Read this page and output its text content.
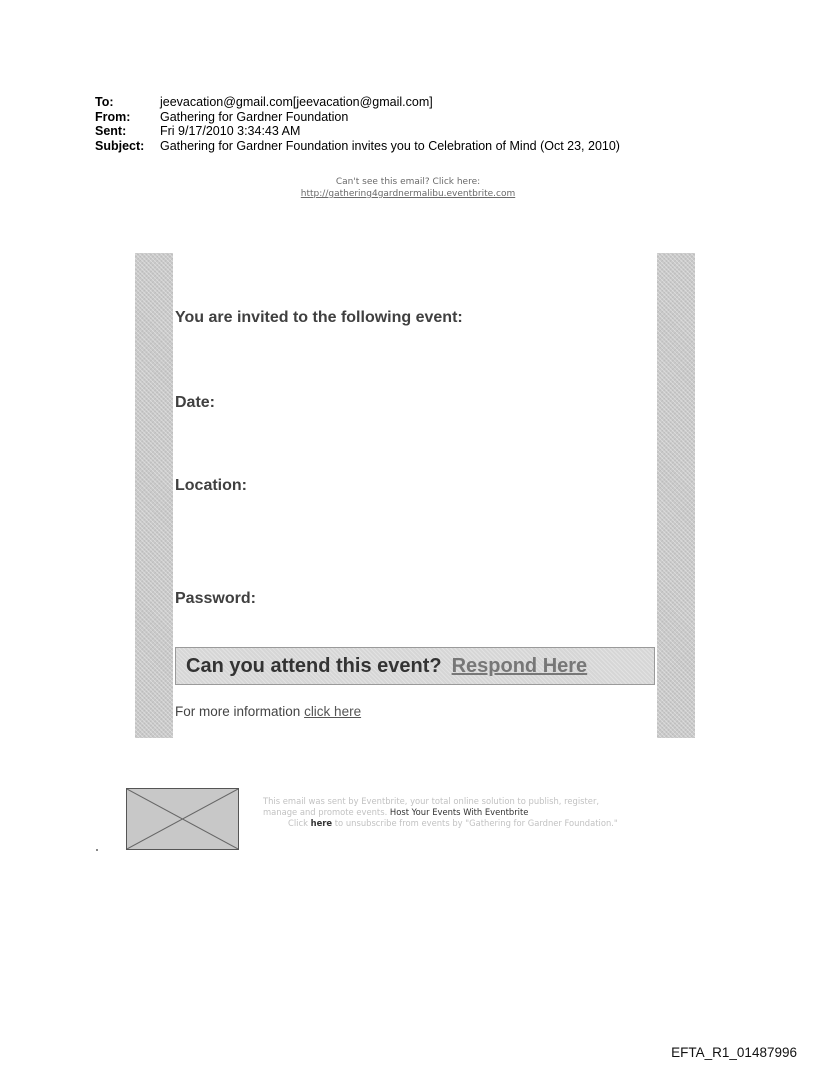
To:	jeevacation@gmail.com[jeevacation@gmail.com]
From:	Gathering for Gardner Foundation
Sent:	Fri 9/17/2010 3:34:43 AM
Subject:	Gathering for Gardner Foundation invites you to Celebration of Mind (Oct 23, 2010)
Can't see this email? Click here:
http://gathering4gardnermalibu.eventbrite.com
You are invited to the following event:
Date:
Location:
Password:
Can you attend this event? Respond Here
For more information click here
This email was sent by Eventbrite, your total online solution to publish, register,
manage and promote events. Host Your Events With Eventbrite
Click here to unsubscribe from events by "Gathering for Gardner Foundation."
EFTA_R1_01487996
